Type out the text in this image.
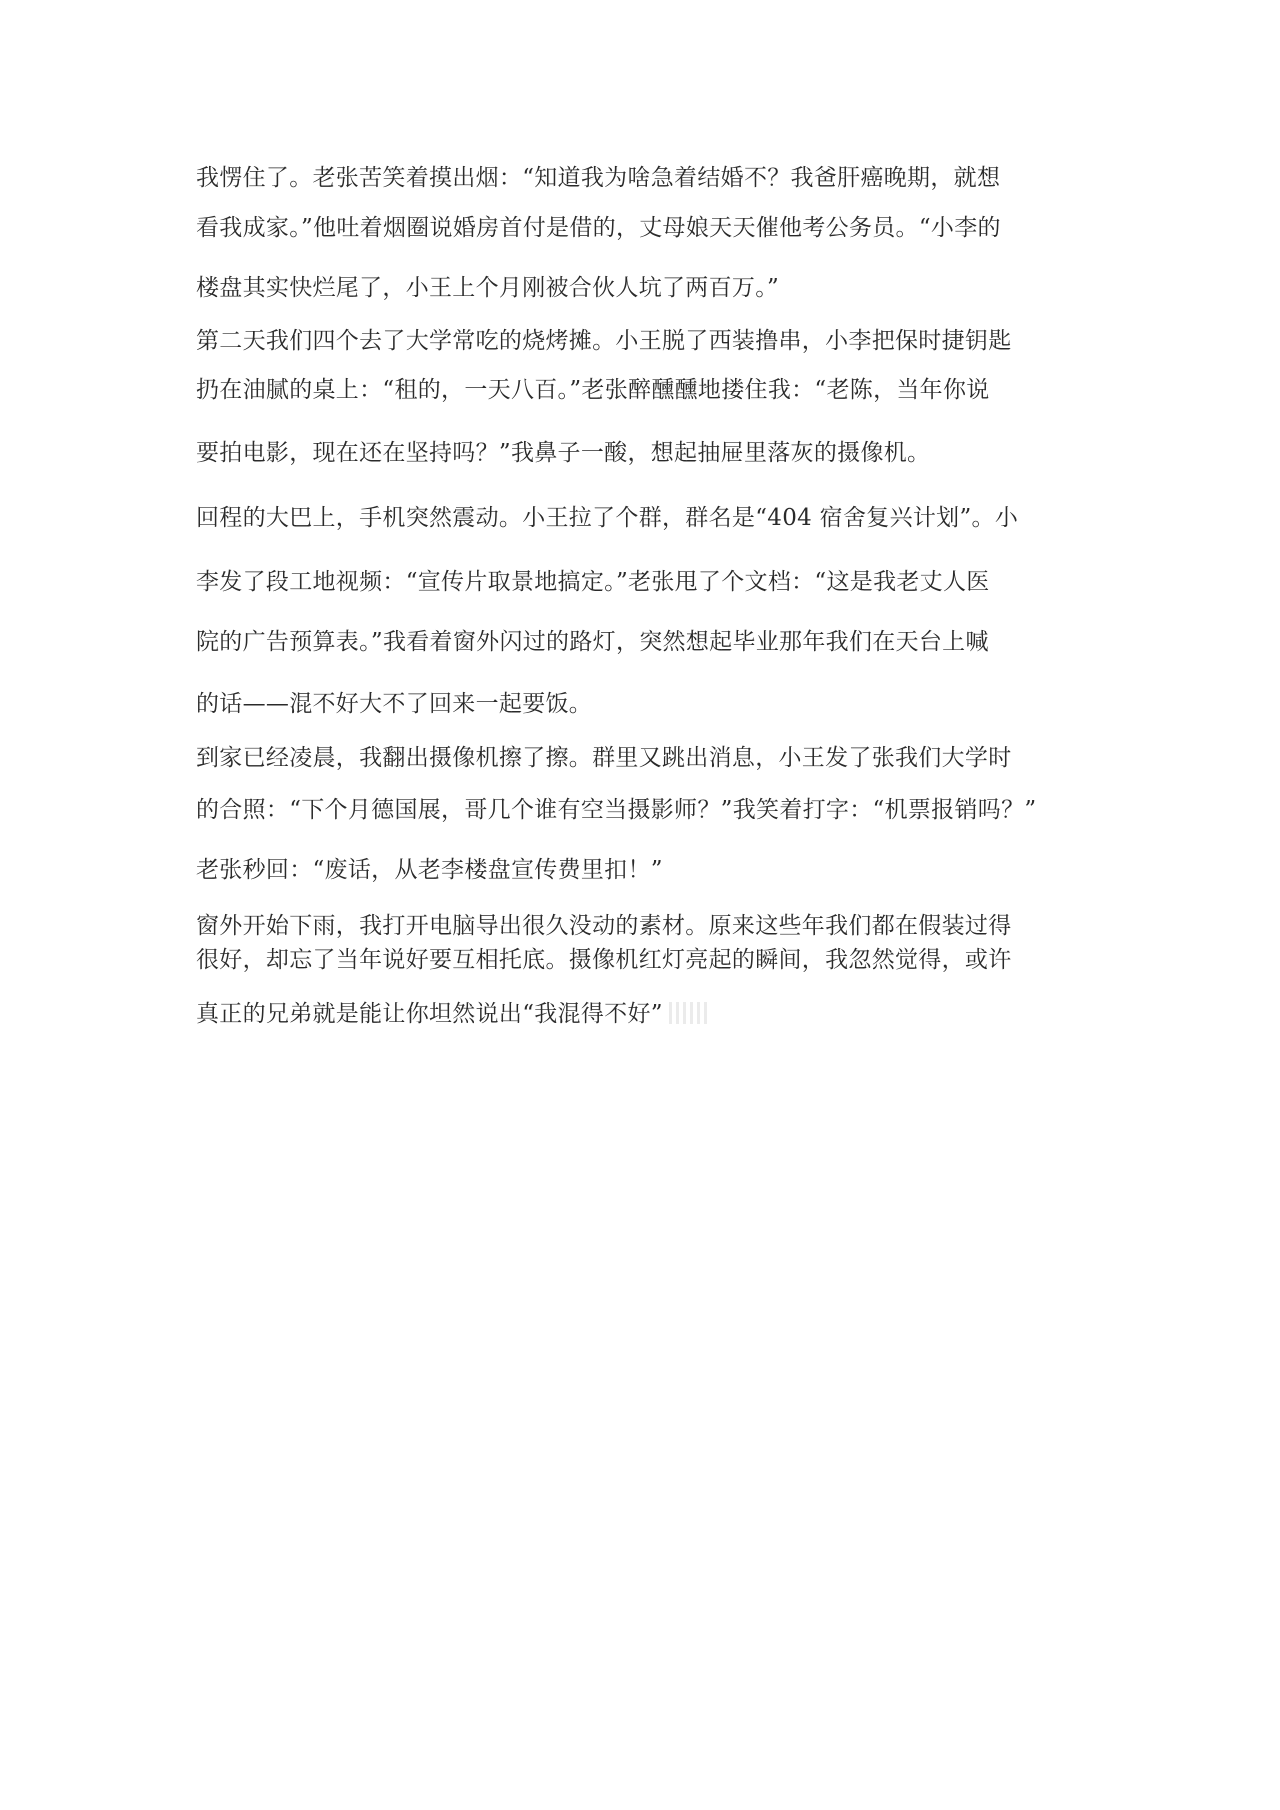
我愣住了。老张苦笑着摸出烟：“知道我为啥急着结婚不？我爸肝癌晚期，就想
看我成家。”他吐着烟圈说婚房首付是借的，丈母娘天天催他考公务员。“小李的
楼盘其实快烂尾了，小王上个月刚被合伙人坑了两百万。”
第二天我们四个去了大学常吃的烧烤摊。小王脱了西装撸串，小李把保时捷钥匙
扔在油腻的桌上：“租的，一天八百。”老张醉醺醺地搂住我：“老陈，当年你说
要拍电影，现在还在坚持吗？”我鼻子一酸，想起抽屉里落灰的摄像机。
回程的大巴上，手机突然震动。小王拉了个群，群名是“404 宿舍复兴计划”。小
李发了段工地视频：“宣传片取景地搞定。”老张甩了个文档：“这是我老丈人医
院的广告预算表。”我看着窗外闪过的路灯，突然想起毕业那年我们在天台上喊
的话——混不好大不了回来一起要饭。
到家已经凌晨，我翻出摄像机擦了擦。群里又跳出消息，小王发了张我们大学时
的合照：“下个月德国展，哥几个谁有空当摄影师？”我笑着打字：“机票报销吗？”
老张秒回：“废话，从老李楼盘宣传费里扣！”
窗外开始下雨，我打开电脑导出很久没动的素材。原来这些年我们都在假装过得
很好，却忘了当年说好要互相托底。摄像机红灯亮起的瞬间，我忽然觉得，或许
真正的兄弟就是能让你坦然说出“我混得不好”
